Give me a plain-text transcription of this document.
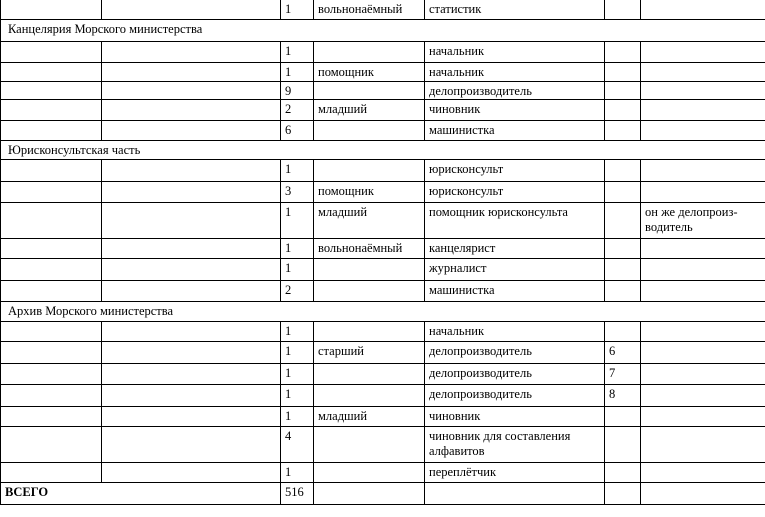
		1	вольнонаёмный	статистик		
Канцелярия Морского министерства						
		1		начальник		
		1	помощник	начальник		
		9		делопроизводитель		
		2	младший	чиновник		
		6		машинистка		
Юрисконсультская часть						
		1		юрисконсульт		
		3	помощник	юрисконсульт		
		1	младший	помощник юрисконсульта		он же делопроиз-водитель
		1	вольнонаёмный	канцелярист		
		1		журналист		
		2		машинистка		
Архив Морского министерства						
		1		начальник		
		1	старший	делопроизводитель	6	
		1		делопроизводитель	7	
		1		делопроизводитель	8	
		1	младший	чиновник		
		4		чиновник для составления алфавитов		
		1		переплётчик		
ВСЕГО		516				
